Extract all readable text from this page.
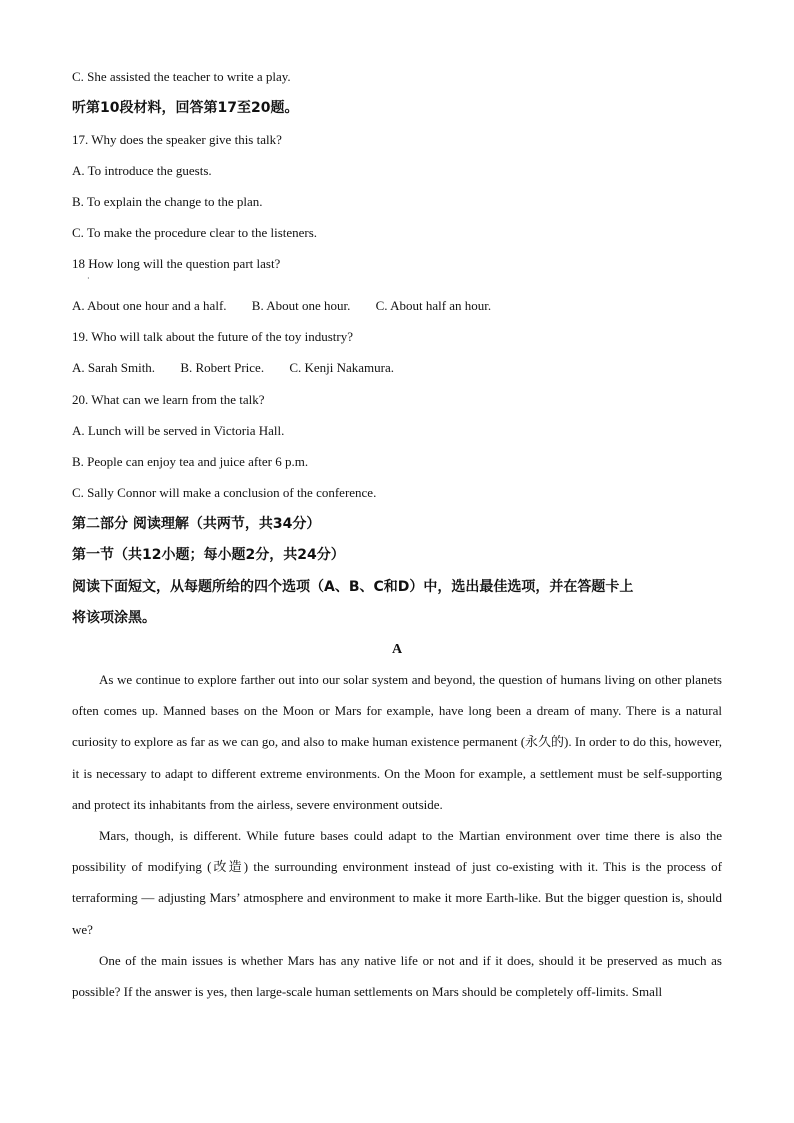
C. She assisted the teacher to write a play.
听第10段材料，回答第17至20题。
17. Why does the speaker give this talk?
A. To introduce the guests.
B. To explain the change to the plan.
C. To make the procedure clear to the listeners.
18 How long will the question part last?
·
A. About one hour and a half. B. About one hour. C. About half an hour.
19. Who will talk about the future of the toy industry?
A. Sarah Smith. B. Robert Price. C. Kenji Nakamura.
20. What can we learn from the talk?
A. Lunch will be served in Victoria Hall.
B. People can enjoy tea and juice after 6 p.m.
C. Sally Connor will make a conclusion of the conference.
第二部分 阅读理解（共两节，共34分）
第一节（共12小题；每小题2分，共24分）
阅读下面短文，从每题所给的四个选项（A、B、C和D）中，选出最佳选项，并在答题卡上
将该项涂黑。
A

As we continue to explore farther out into our solar system and beyond, the question of humans living on other planets often comes up. Manned bases on the Moon or Mars for example, have long been a dream of many. There is a natural curiosity to explore as far as we can go, and also to make human existence permanent (永久的). In order to do this, however, it is necessary to adapt to different extreme environments. On the Moon for example, a settlement must be self-supporting and protect its inhabitants from the airless, severe environment outside.

Mars, though, is different. While future bases could adapt to the Martian environment over time there is also the possibility of modifying (改造) the surrounding environment instead of just co-existing with it. This is the process of terraforming — adjusting Mars’ atmosphere and environment to make it more Earth-like. But the bigger question is, should we?

One of the main issues is whether Mars has any native life or not and if it does, should it be preserved as much as possible? If the answer is yes, then large-scale human settlements on Mars should be completely off-limits. Small
